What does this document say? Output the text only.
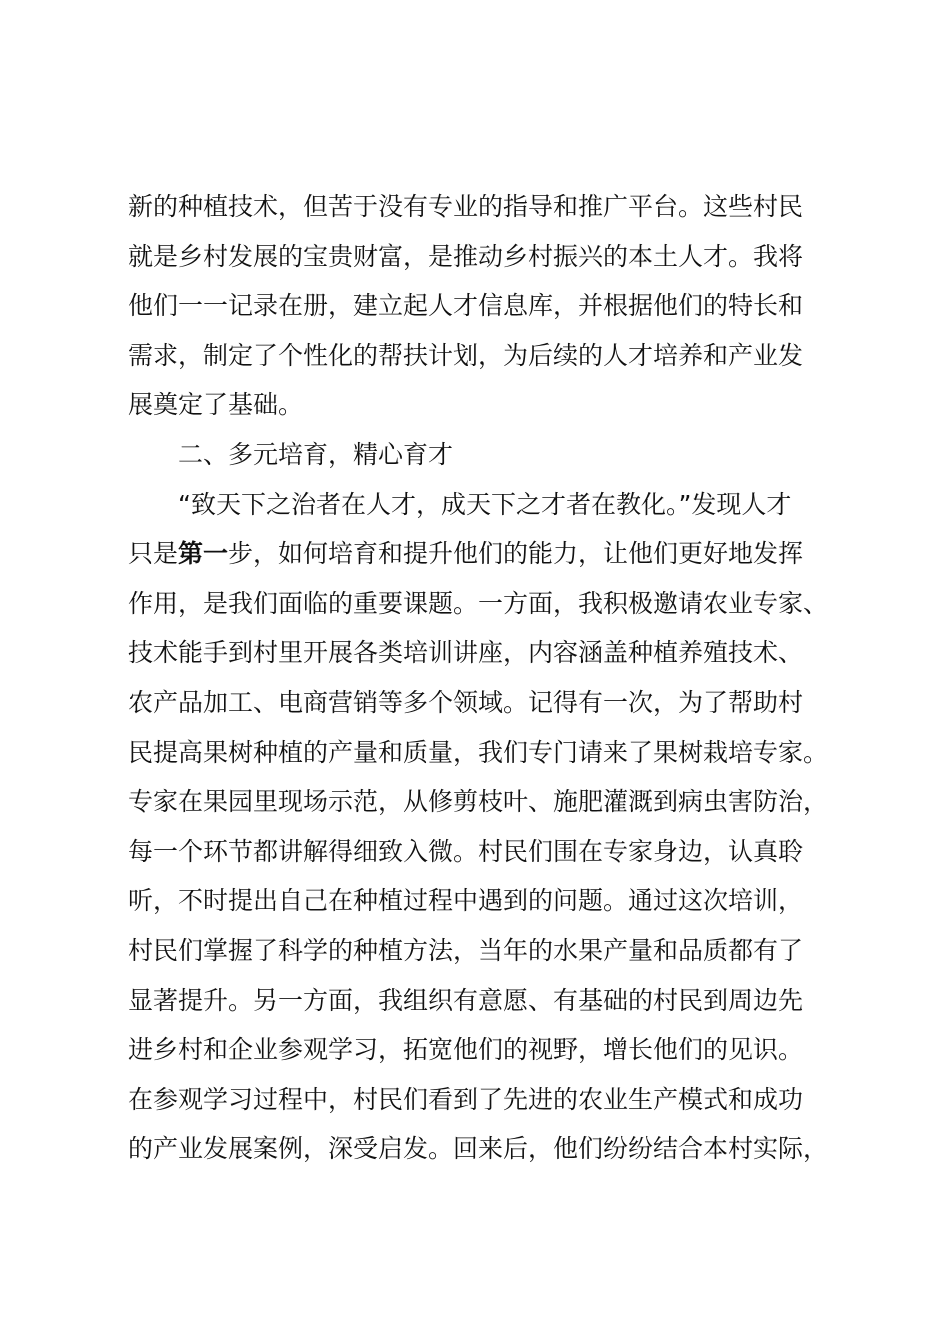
新的种植技术，但苦于没有专业的指导和推广平台。这些村民
就是乡村发展的宝贵财富，是推动乡村振兴的本土人才。我将
他们一一记录在册，建立起人才信息库，并根据他们的特长和
需求，制定了个性化的帮扶计划，为后续的人才培养和产业发
展奠定了基础。
二、多元培育，精心育才
“致天下之治者在人才，成天下之才者在教化。”发现人才
只是第一步，如何培育和提升他们的能力，让他们更好地发挥
作用，是我们面临的重要课题。一方面，我积极邀请农业专家、
技术能手到村里开展各类培训讲座，内容涵盖种植养殖技术、
农产品加工、电商营销等多个领域。记得有一次，为了帮助村
民提高果树种植的产量和质量，我们专门请来了果树栽培专家。
专家在果园里现场示范，从修剪枝叶、施肥灌溉到病虫害防治，
每一个环节都讲解得细致入微。村民们围在专家身边，认真聆
听，不时提出自己在种植过程中遇到的问题。通过这次培训，
村民们掌握了科学的种植方法，当年的水果产量和品质都有了
显著提升。另一方面，我组织有意愿、有基础的村民到周边先
进乡村和企业参观学习，拓宽他们的视野，增长他们的见识。
在参观学习过程中，村民们看到了先进的农业生产模式和成功
的产业发展案例，深受启发。回来后，他们纷纷结合本村实际，
